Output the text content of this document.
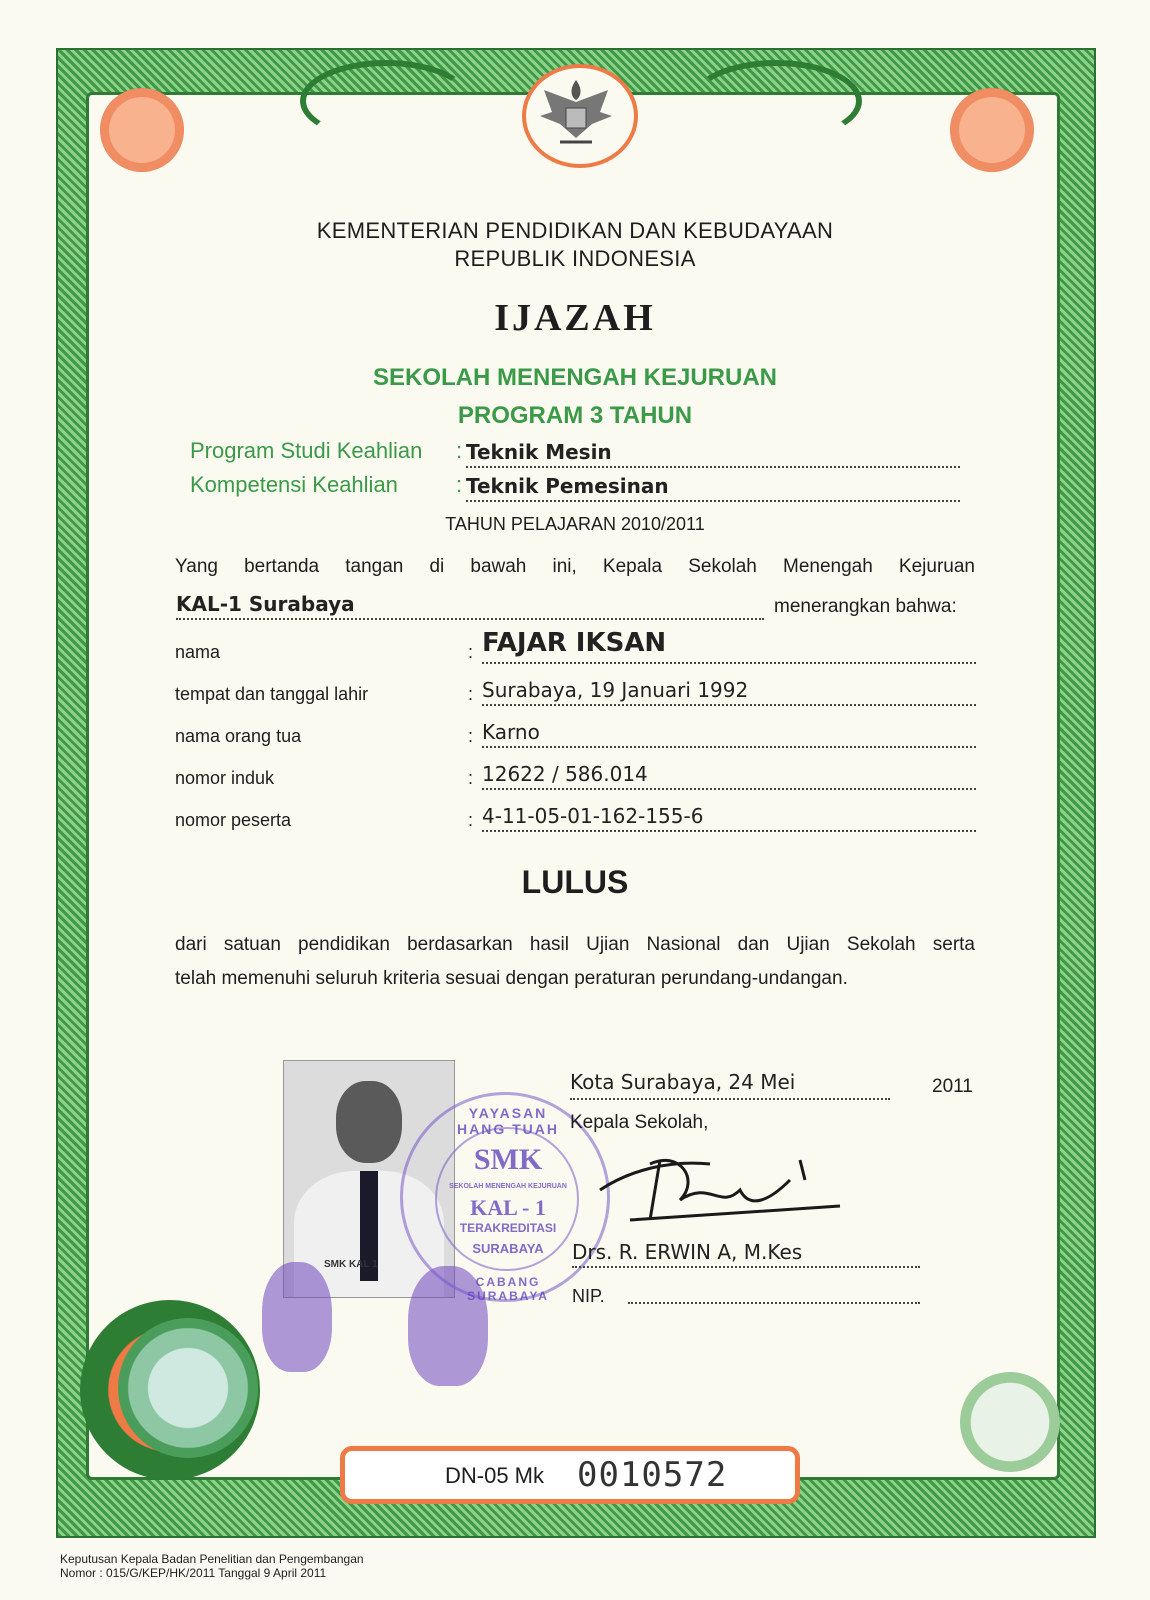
KEMENTERIAN PENDIDIKAN DAN KEBUDAYAAN
REPUBLIK INDONESIA
IJAZAH
SEKOLAH MENENGAH KEJURUAN
PROGRAM 3 TAHUN
Program Studi Keahlian : Teknik Mesin
Kompetensi Keahlian	: Teknik Pemesinan
TAHUN PELAJARAN 2010/2011
Yang bertanda tangan di bawah ini, Kepala Sekolah Menengah Kejuruan
KAL-1 Surabaya	menerangkan bahwa:
nama	: FAJAR IKSAN
tempat dan tanggal lahir	: Surabaya, 19 Januari 1992
nama orang tua	: Karno
nomor induk	: 12622 / 586.014
nomor peserta	: 4-11-05-01-162-155-6
LULUS
dari satuan pendidikan berdasarkan hasil Ujian Nasional dan Ujian Sekolah serta
telah memenuhi seluruh kriteria sesuai dengan peraturan perundang-undangan.
SMK KAL 1
YAYASAN HANG TUAH
SMK
SEKOLAH MENENGAH KEJURUAN
KAL - 1
TERAKREDITASI
SURABAYA
CABANG SURABAYA
Kota Surabaya, 24 Mei	2011
Kepala Sekolah,
Drs. R. ERWIN A, M.Kes
NIP.
DN-05 Mk 0010572
Keputusan Kepala Badan Penelitian dan Pengembangan
Nomor : 015/G/KEP/HK/2011 Tanggal 9 April 2011
